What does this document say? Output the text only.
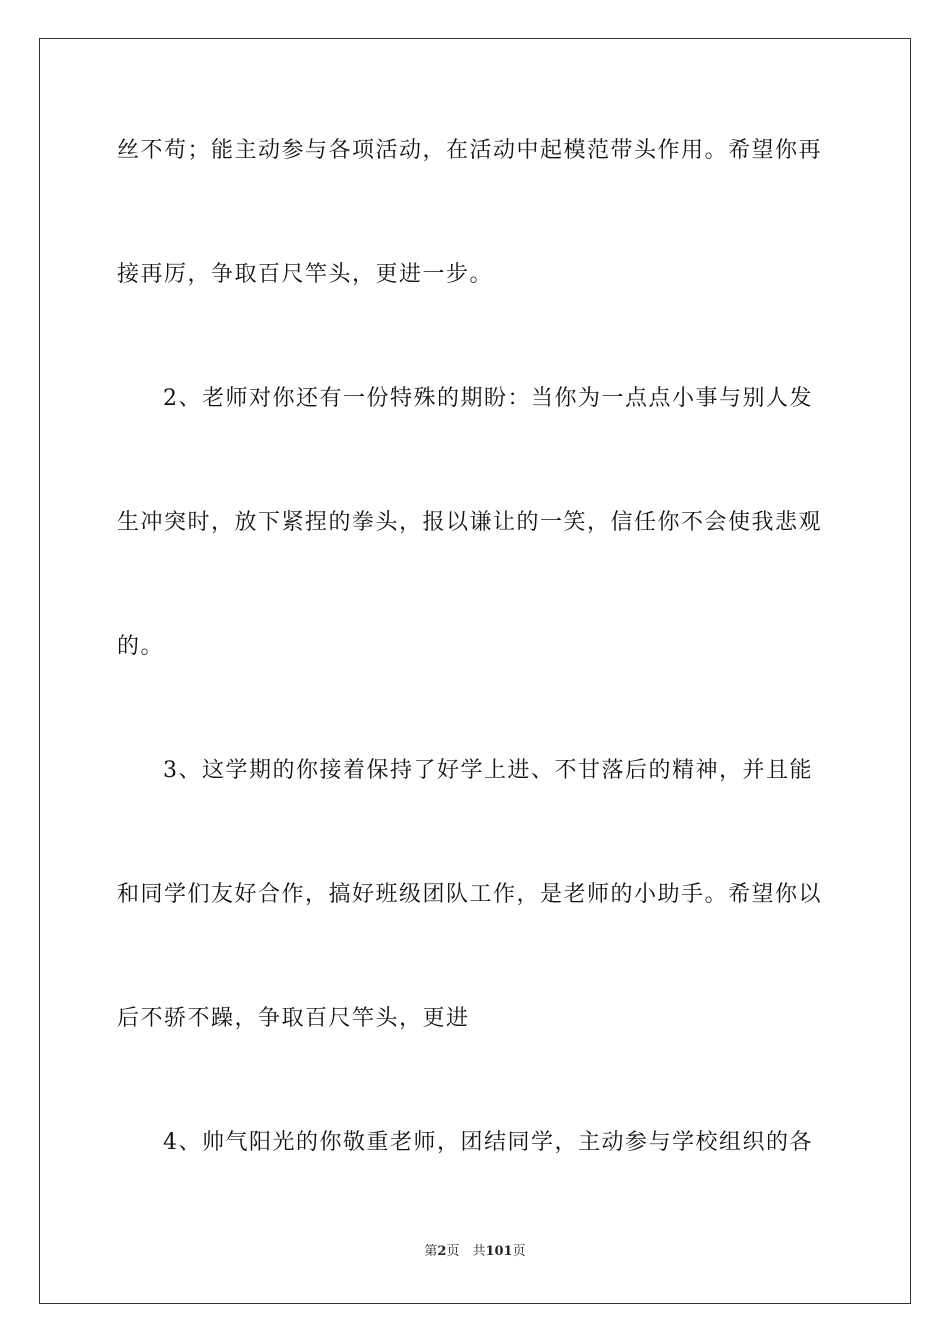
丝不苟；能主动参与各项活动，在活动中起模范带头作用。希望你再
接再厉，争取百尺竿头，更进一步。
2、老师对你还有一份特殊的期盼：当你为一点点小事与别人发
生冲突时，放下紧捏的拳头，报以谦让的一笑，信任你不会使我悲观
的。
3、这学期的你接着保持了好学上进、不甘落后的精神，并且能
和同学们友好合作，搞好班级团队工作，是老师的小助手。希望你以
后不骄不躁，争取百尺竿头，更进
4、帅气阳光的你敬重老师，团结同学，主动参与学校组织的各
第2页　共101页
